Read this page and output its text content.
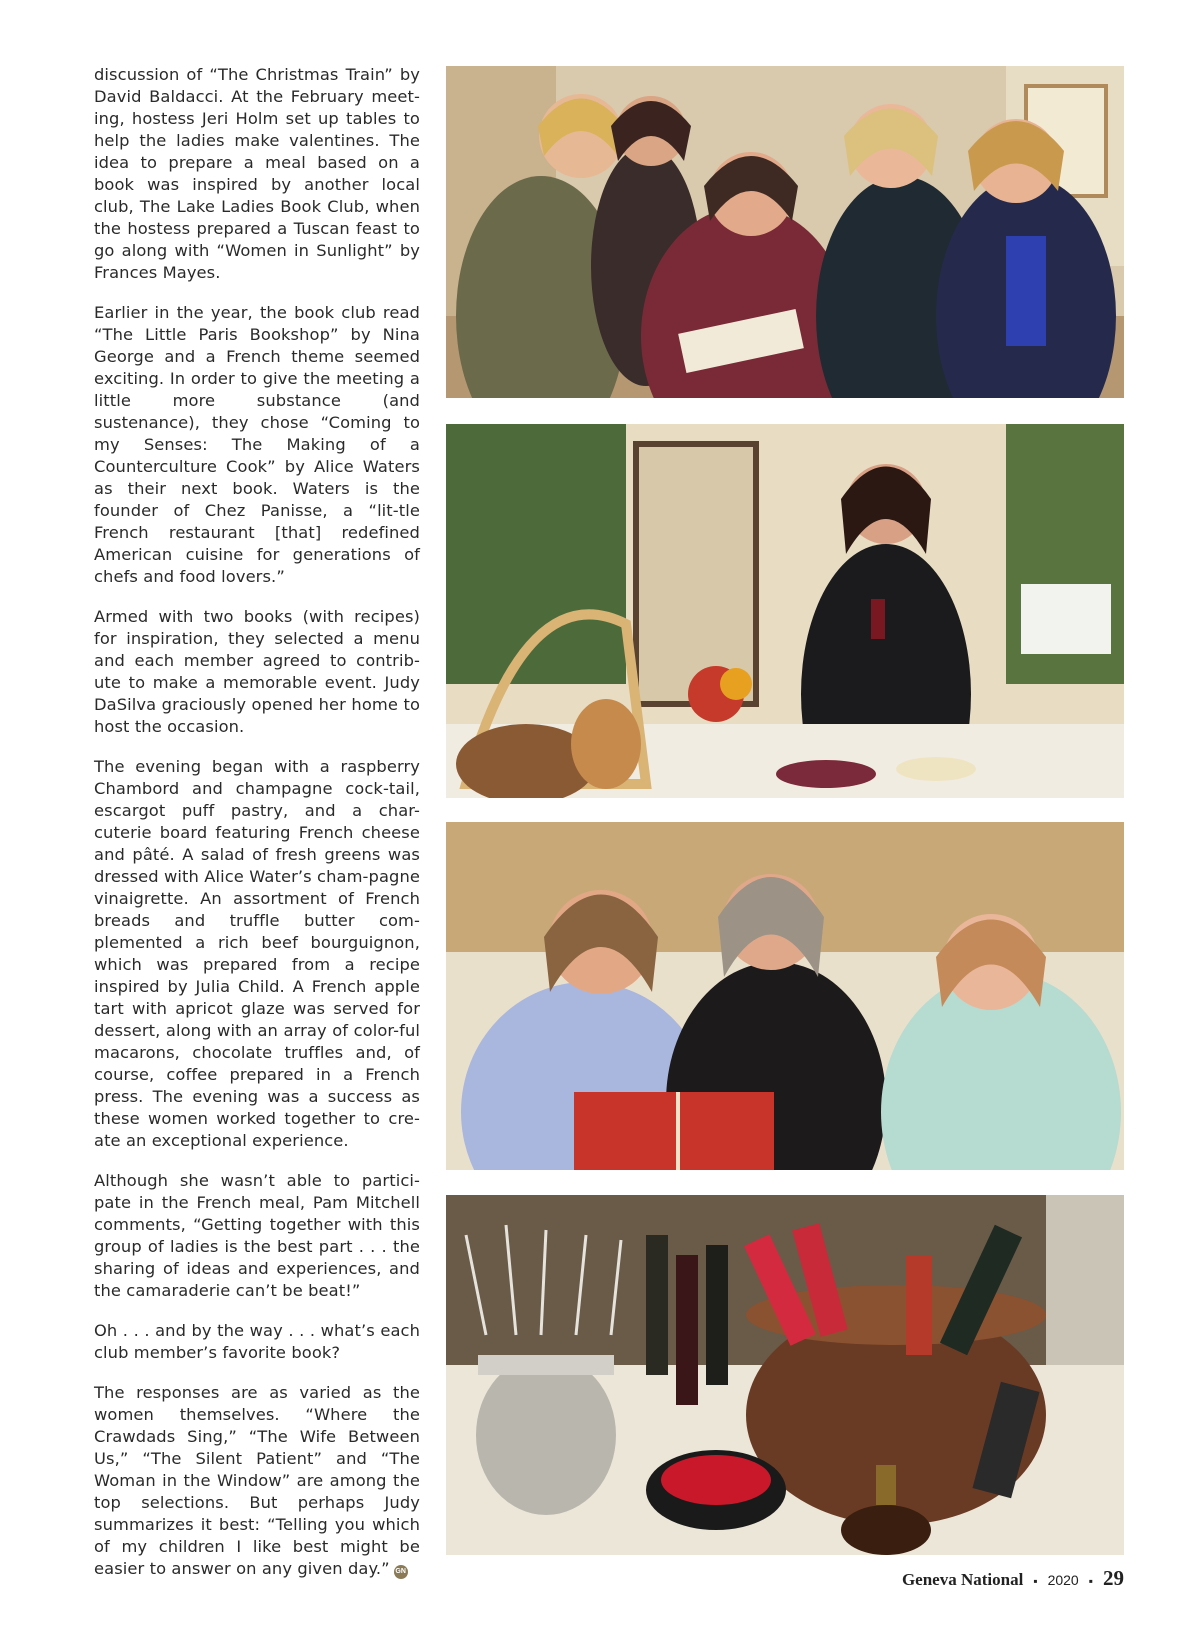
discussion of “The Christmas Train” by David Baldacci. At the February meet-ing, hostess Jeri Holm set up tables to help the ladies make valentines. The idea to prepare a meal based on a book was inspired by another local club, The Lake Ladies Book Club, when the hostess prepared a Tuscan feast to go along with “Women in Sunlight” by Frances Mayes.

Earlier in the year, the book club read “The Little Paris Bookshop” by Nina George and a French theme seemed exciting. In order to give the meeting a little more substance (and sustenance), they chose “Coming to my Senses: The Making of a Counterculture Cook” by Alice Waters as their next book. Waters is the founder of Chez Panisse, a “lit-tle French restaurant [that] redefined American cuisine for generations of chefs and food lovers.”

Armed with two books (with recipes) for inspiration, they selected a menu and each member agreed to contrib-ute to make a memorable event. Judy DaSilva graciously opened her home to host the occasion.

The evening began with a raspberry Chambord and champagne cock-tail, escargot puff pastry, and a char-cuterie board featuring French cheese and pâté. A salad of fresh greens was dressed with Alice Water’s cham-pagne vinaigrette. An assortment of French breads and truffle butter com-plemented a rich beef bourguignon, which was prepared from a recipe inspired by Julia Child. A French apple tart with apricot glaze was served for dessert, along with an array of color-ful macarons, chocolate truffles and, of course, coffee prepared in a French press. The evening was a success as these women worked together to cre-ate an exceptional experience.

Although she wasn’t able to partici-pate in the French meal, Pam Mitchell comments, “Getting together with this group of ladies is the best part . . . the sharing of ideas and experiences, and the camaraderie can’t be beat!”

Oh . . . and by the way . . . what’s each club member’s favorite book?

The responses are as varied as the women themselves. “Where the Crawdads Sing,” “The Wife Between Us,” “The Silent Patient” and “The Woman in the Window” are among the top selections. But perhaps Judy summarizes it best: “Telling you which of my children I like best might be easier to answer on any given day.” GN	Geneva National ▪ 2020 ▪ 29
